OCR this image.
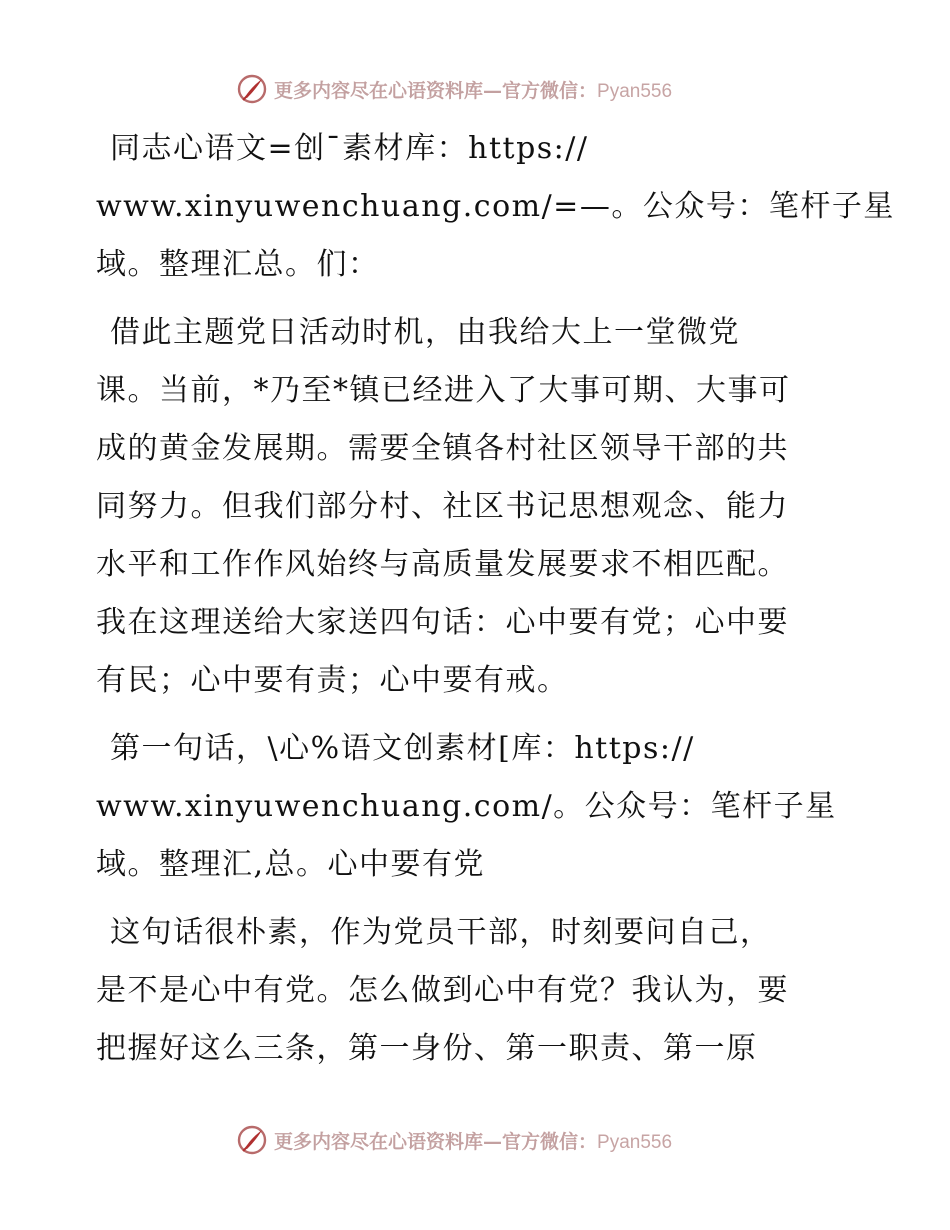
更多内容尽在心语资料库—官方微信：Pyan556

同志心语文=创¯素材库：https://
www.xinyuwenchuang.com/=—。公众号：笔杆子星
域。整理汇总。们：

借此主题党日活动时机，由我给大上一堂微党
课。当前，*乃至*镇已经进入了大事可期、大事可
成的黄金发展期。需要全镇各村社区领导干部的共
同努力。但我们部分村、社区书记思想观念、能力
水平和工作作风始终与高质量发展要求不相匹配。
我在这理送给大家送四句话：心中要有党；心中要
有民；心中要有责；心中要有戒。

第一句话，\心%语文创素材[库：https://
www.xinyuwenchuang.com/。公众号：笔杆子星
域。整理汇,总。心中要有党

这句话很朴素，作为党员干部，时刻要问自己，
是不是心中有党。怎么做到心中有党？我认为，要
把握好这么三条，第一身份、第一职责、第一原

更多内容尽在心语资料库—官方微信：Pyan556
